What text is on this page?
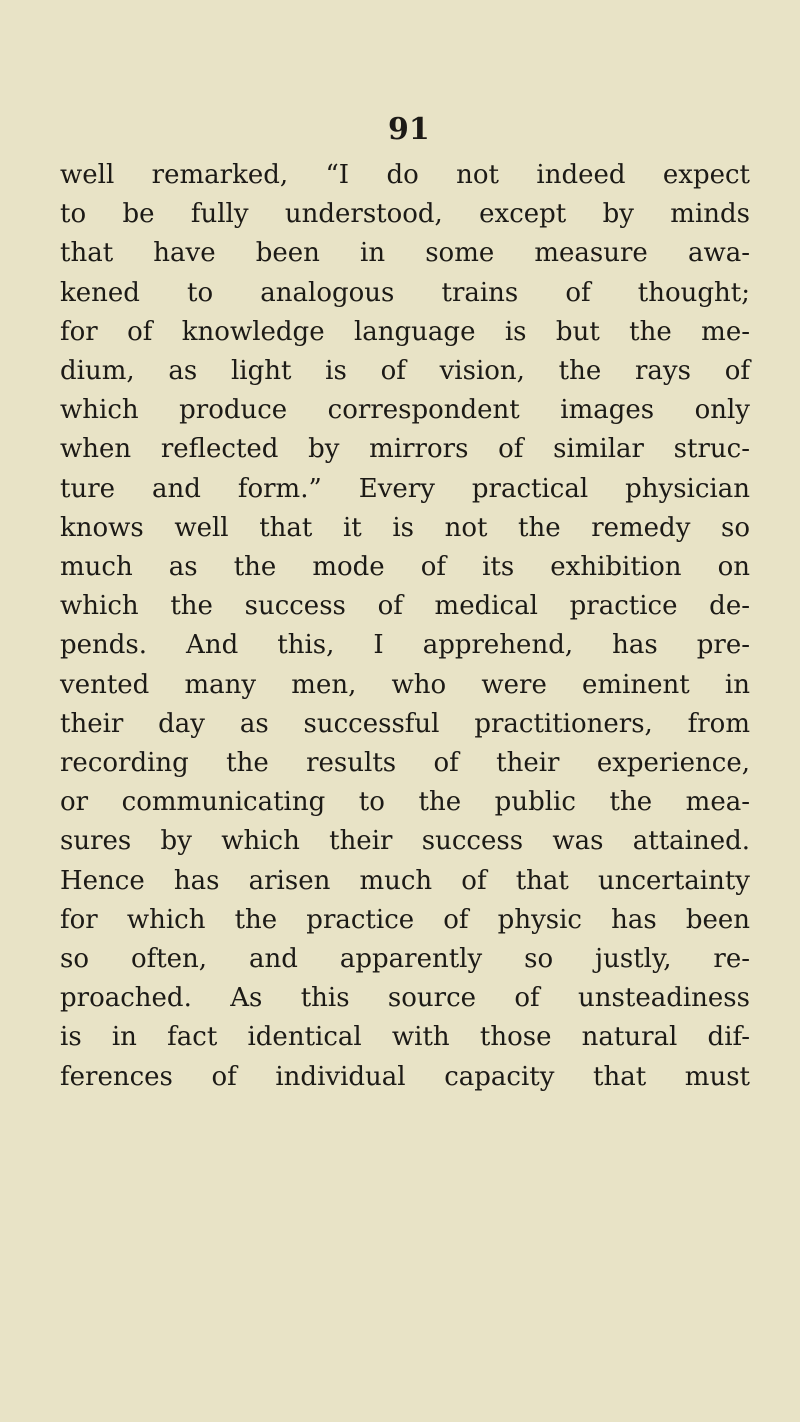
91
well remarked, “I do not indeed expect
to be fully understood, except by minds
that have been in some measure awa-
kened to analogous trains of thought;
for of knowledge language is but the me-
dium, as light is of vision, the rays of
which produce correspondent images only
when reflected by mirrors of similar struc-
ture and form.” Every practical physician
knows well that it is not the remedy so
much as the mode of its exhibition on
which the success of medical practice de-
pends. And this, I apprehend, has pre-
vented many men, who were eminent in
their day as successful practitioners, from
recording the results of their experience,
or communicating to the public the mea-
sures by which their success was attained.
Hence has arisen much of that uncertainty
for which the practice of physic has been
so often, and apparently so justly, re-
proached. As this source of unsteadiness
is in fact identical with those natural dif-
ferences of individual capacity that must
